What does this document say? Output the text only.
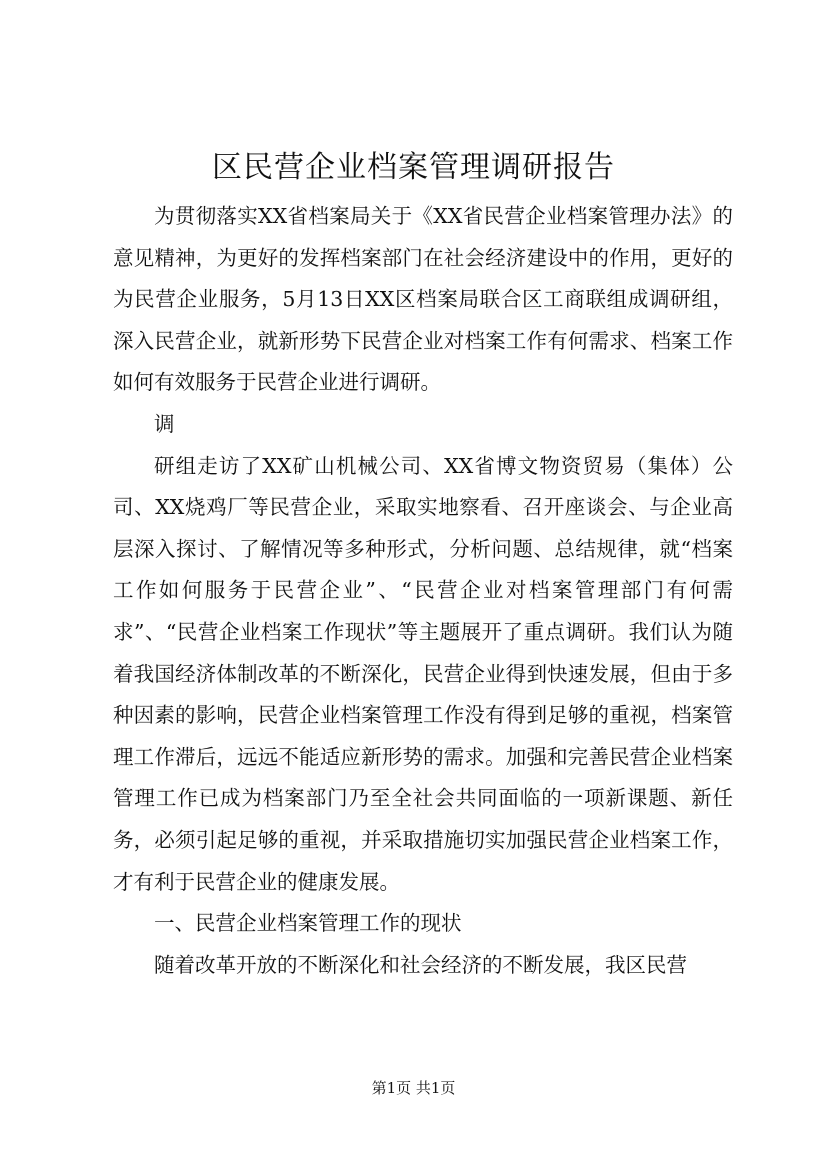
区民营企业档案管理调研报告

为贯彻落实XX省档案局关于《XX省民营企业档案管理办法》的意见精神，为更好的发挥档案部门在社会经济建设中的作用，更好的为民营企业服务，5月13日XX区档案局联合区工商联组成调研组，深入民营企业，就新形势下民营企业对档案工作有何需求、档案工作如何有效服务于民营企业进行调研。

调

研组走访了XX矿山机械公司、XX省博文物资贸易（集体）公司、XX烧鸡厂等民营企业，采取实地察看、召开座谈会、与企业高层深入探讨、了解情况等多种形式，分析问题、总结规律，就“档案工作如何服务于民营企业”、“民营企业对档案管理部门有何需求”、“民营企业档案工作现状”等主题展开了重点调研。我们认为随着我国经济体制改革的不断深化，民营企业得到快速发展，但由于多种因素的影响，民营企业档案管理工作没有得到足够的重视，档案管理工作滞后，远远不能适应新形势的需求。加强和完善民营企业档案管理工作已成为档案部门乃至全社会共同面临的一项新课题、新任务，必须引起足够的重视，并采取措施切实加强民营企业档案工作，才有利于民营企业的健康发展。

一、民营企业档案管理工作的现状

随着改革开放的不断深化和社会经济的不断发展，我区民营

第1页 共1页
